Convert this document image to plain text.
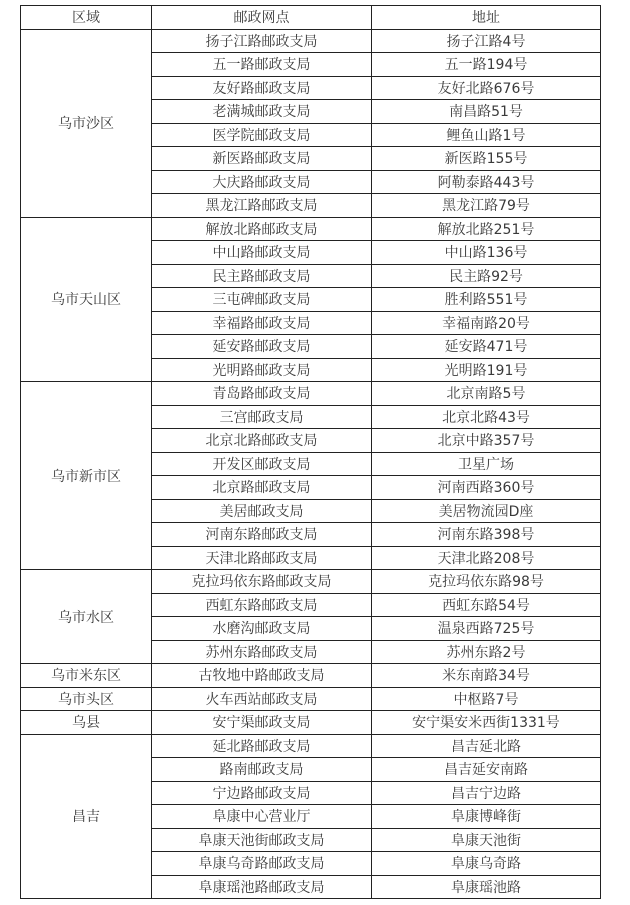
区域	邮政网点	地址
乌市沙区	扬子江路邮政支局	扬子江路4号
	五一路邮政支局	五一路194号
	友好路邮政支局	友好北路676号
	老满城邮政支局	南昌路51号
	医学院邮政支局	鲤鱼山路1号
	新医路邮政支局	新医路155号
	大庆路邮政支局	阿勒泰路443号
	黑龙江路邮政支局	黑龙江路79号
乌市天山区	解放北路邮政支局	解放北路251号
	中山路邮政支局	中山路136号
	民主路邮政支局	民主路92号
	三屯碑邮政支局	胜利路551号
	幸福路邮政支局	幸福南路20号
	延安路邮政支局	延安路471号
	光明路邮政支局	光明路191号
乌市新市区	青岛路邮政支局	北京南路5号
	三宫邮政支局	北京北路43号
	北京北路邮政支局	北京中路357号
	开发区邮政支局	卫星广场
	北京路邮政支局	河南西路360号
	美居邮政支局	美居物流园D座
	河南东路邮政支局	河南东路398号
	天津北路邮政支局	天津北路208号
乌市水区	克拉玛依东路邮政支局	克拉玛依东路98号
	西虹东路邮政支局	西虹东路54号
	水磨沟邮政支局	温泉西路725号
	苏州东路邮政支局	苏州东路2号
乌市米东区	古牧地中路邮政支局	米东南路34号
乌市头区	火车西站邮政支局	中枢路7号
乌县	安宁渠邮政支局	安宁渠安米西街1331号
昌吉	延北路邮政支局	昌吉延北路
	路南邮政支局	昌吉延安南路
	宁边路邮政支局	昌吉宁边路
	阜康中心营业厅	阜康博峰街
	阜康天池街邮政支局	阜康天池街
	阜康乌奇路邮政支局	阜康乌奇路
	阜康瑶池路邮政支局	阜康瑶池路
